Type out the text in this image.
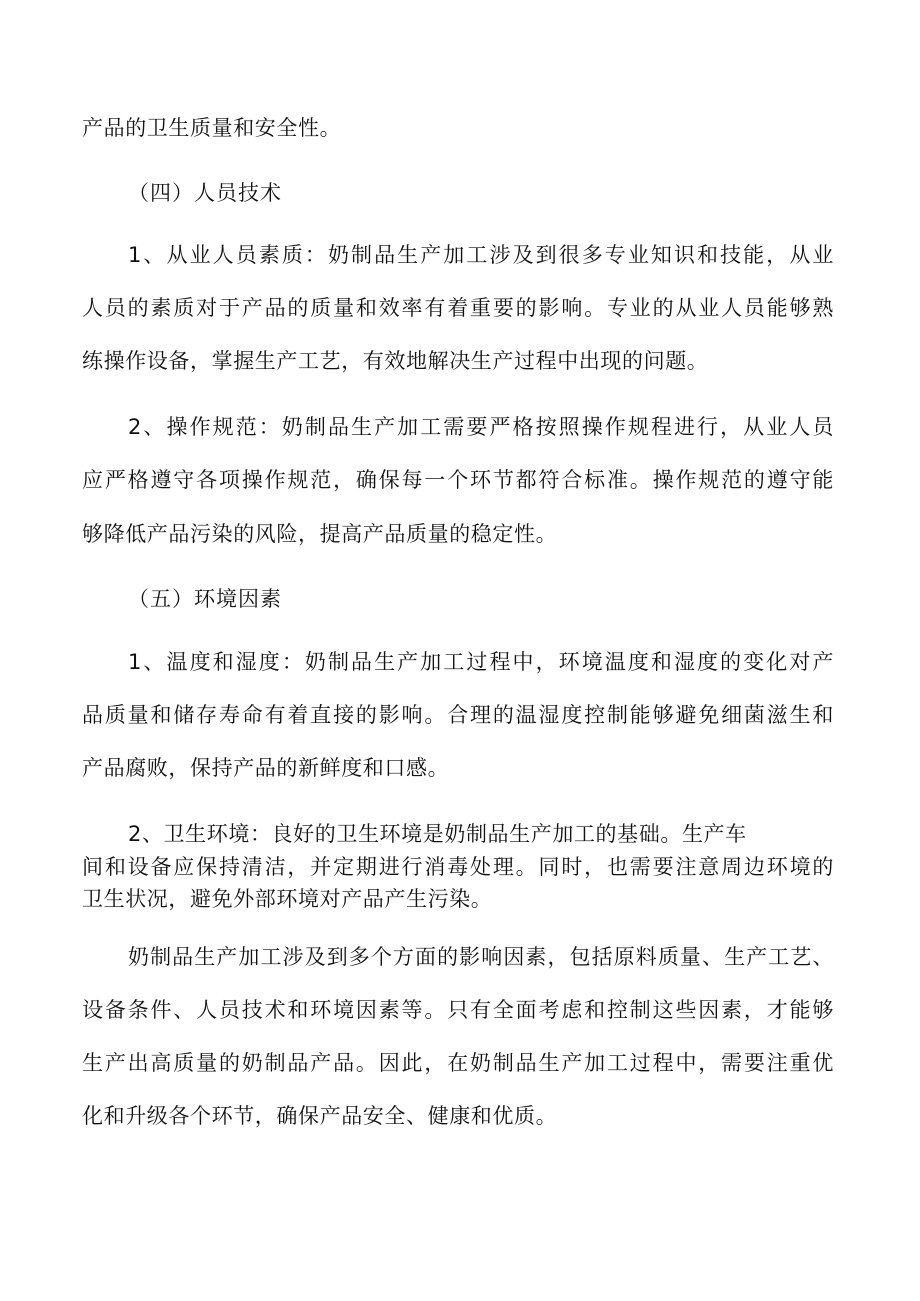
产品的卫生质量和安全性。
（四）人员技术
1、从业人员素质：奶制品生产加工涉及到很多专业知识和技能，从业
人员的素质对于产品的质量和效率有着重要的影响。专业的从业人员能够熟
练操作设备，掌握生产工艺，有效地解决生产过程中出现的问题。
2、操作规范：奶制品生产加工需要严格按照操作规程进行，从业人员
应严格遵守各项操作规范，确保每一个环节都符合标准。操作规范的遵守能
够降低产品污染的风险，提高产品质量的稳定性。
（五）环境因素
1、温度和湿度：奶制品生产加工过程中，环境温度和湿度的变化对产
品质量和储存寿命有着直接的影响。合理的温湿度控制能够避免细菌滋生和
产品腐败，保持产品的新鲜度和口感。
2、卫生环境：良好的卫生环境是奶制品生产加工的基础。生产车
间和设备应保持清洁，并定期进行消毒处理。同时，也需要注意周边环境的
卫生状况，避免外部环境对产品产生污染。
奶制品生产加工涉及到多个方面的影响因素，包括原料质量、生产工艺、
设备条件、人员技术和环境因素等。只有全面考虑和控制这些因素，才能够
生产出高质量的奶制品产品。因此，在奶制品生产加工过程中，需要注重优
化和升级各个环节，确保产品安全、健康和优质。
